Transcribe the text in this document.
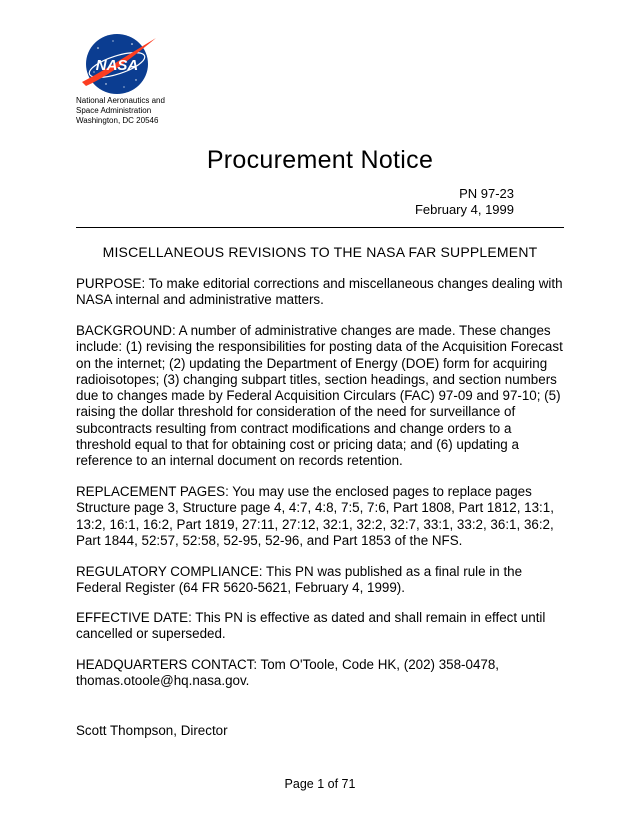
NASA
National Aeronautics and
Space Administration
Washington, DC 20546
Procurement Notice
PN 97-23
February 4, 1999
MISCELLANEOUS REVISIONS TO THE NASA FAR SUPPLEMENT
PURPOSE: To make editorial corrections and miscellaneous changes dealing with NASA internal and administrative matters.
BACKGROUND: A number of administrative changes are made. These changes include: (1) revising the responsibilities for posting data of the Acquisition Forecast on the internet; (2) updating the Department of Energy (DOE) form for acquiring radioisotopes; (3) changing subpart titles, section headings, and section numbers due to changes made by Federal Acquisition Circulars (FAC) 97-09 and 97-10; (5) raising the dollar threshold for consideration of the need for surveillance of subcontracts resulting from contract modifications and change orders to a threshold equal to that for obtaining cost or pricing data; and (6) updating a reference to an internal document on records retention.
REPLACEMENT PAGES: You may use the enclosed pages to replace pages Structure page 3, Structure page 4, 4:7, 4:8, 7:5, 7:6, Part 1808, Part 1812, 13:1, 13:2, 16:1, 16:2, Part 1819, 27:11, 27:12, 32:1, 32:2, 32:7, 33:1, 33:2, 36:1, 36:2, Part 1844, 52:57, 52:58, 52-95, 52-96, and Part 1853 of the NFS.
REGULATORY COMPLIANCE: This PN was published as a final rule in the Federal Register (64 FR 5620-5621, February 4, 1999).
EFFECTIVE DATE: This PN is effective as dated and shall remain in effect until cancelled or superseded.
HEADQUARTERS CONTACT: Tom O'Toole, Code HK, (202) 358-0478, thomas.otoole@hq.nasa.gov.
Scott Thompson, Director
Page 1 of 71
